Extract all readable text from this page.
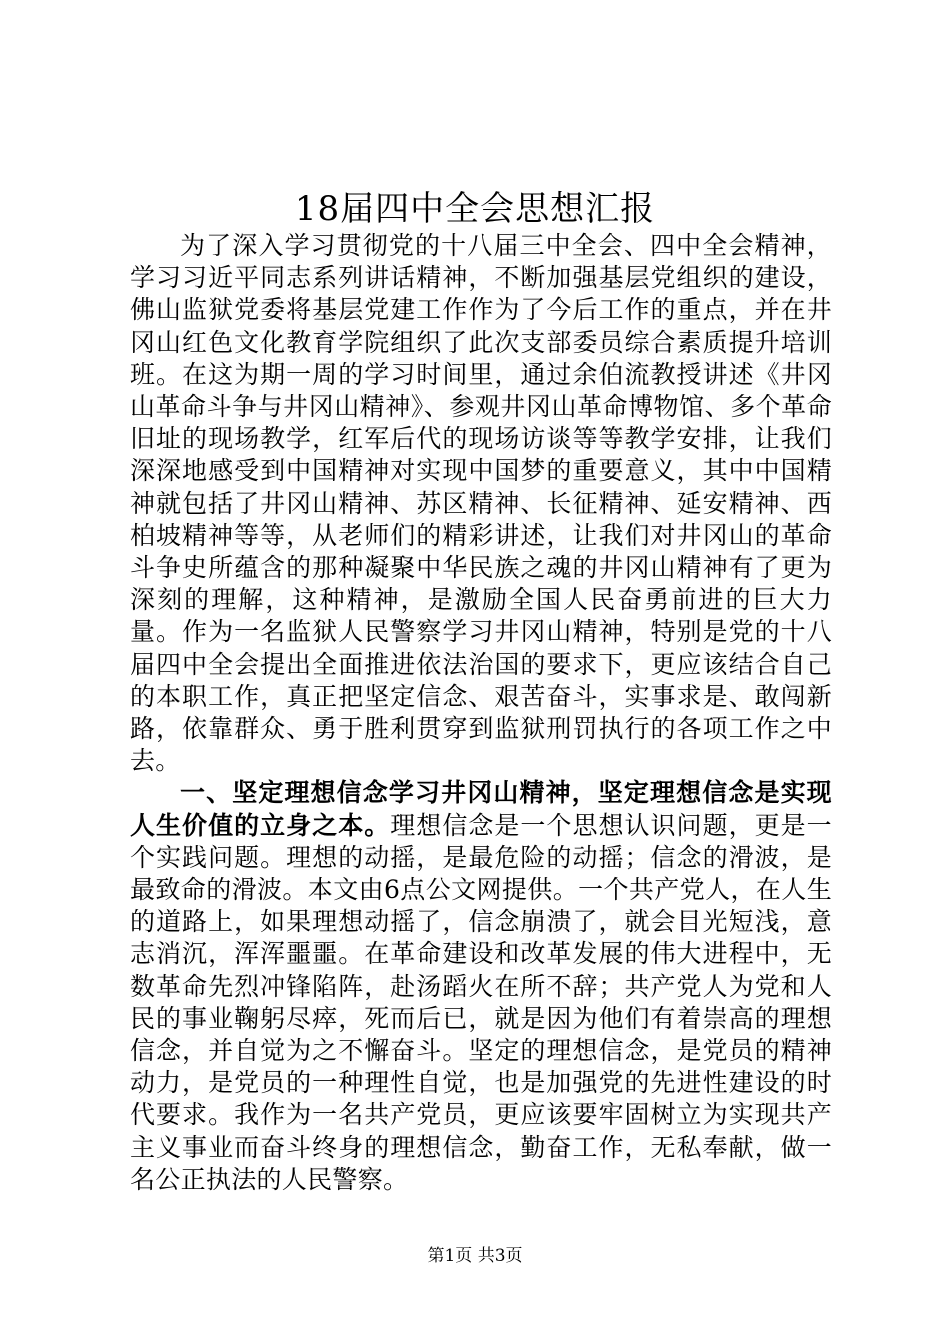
18届四中全会思想汇报

为了深入学习贯彻党的十八届三中全会、四中全会精神，学习习近平同志系列讲话精神，不断加强基层党组织的建设，佛山监狱党委将基层党建工作作为了今后工作的重点，并在井冈山红色文化教育学院组织了此次支部委员综合素质提升培训班。在这为期一周的学习时间里，通过余伯流教授讲述《井冈山革命斗争与井冈山精神》、参观井冈山革命博物馆、多个革命旧址的现场教学，红军后代的现场访谈等等教学安排，让我们深深地感受到中国精神对实现中国梦的重要意义，其中中国精神就包括了井冈山精神、苏区精神、长征精神、延安精神、西柏坡精神等等，从老师们的精彩讲述，让我们对井冈山的革命斗争史所蕴含的那种凝聚中华民族之魂的井冈山精神有了更为深刻的理解，这种精神，是激励全国人民奋勇前进的巨大力量。作为一名监狱人民警察学习井冈山精神，特别是党的十八届四中全会提出全面推进依法治国的要求下，更应该结合自己的本职工作，真正把坚定信念、艰苦奋斗，实事求是、敢闯新路，依靠群众、勇于胜利贯穿到监狱刑罚执行的各项工作之中去。

一、坚定理想信念学习井冈山精神，坚定理想信念是实现人生价值的立身之本。理想信念是一个思想认识问题，更是一个实践问题。理想的动摇，是最危险的动摇；信念的滑波，是最致命的滑波。本文由6点公文网提供。一个共产党人，在人生的道路上，如果理想动摇了，信念崩溃了，就会目光短浅，意志消沉，浑浑噩噩。在革命建设和改革发展的伟大进程中，无数革命先烈冲锋陷阵，赴汤蹈火在所不辞；共产党人为党和人民的事业鞠躬尽瘁，死而后已，就是因为他们有着崇高的理想信念，并自觉为之不懈奋斗。坚定的理想信念，是党员的精神动力，是党员的一种理性自觉，也是加强党的先进性建设的时代要求。我作为一名共产党员，更应该要牢固树立为实现共产主义事业而奋斗终身的理想信念，勤奋工作，无私奉献，做一名公正执法的人民警察。

第1页 共3页
